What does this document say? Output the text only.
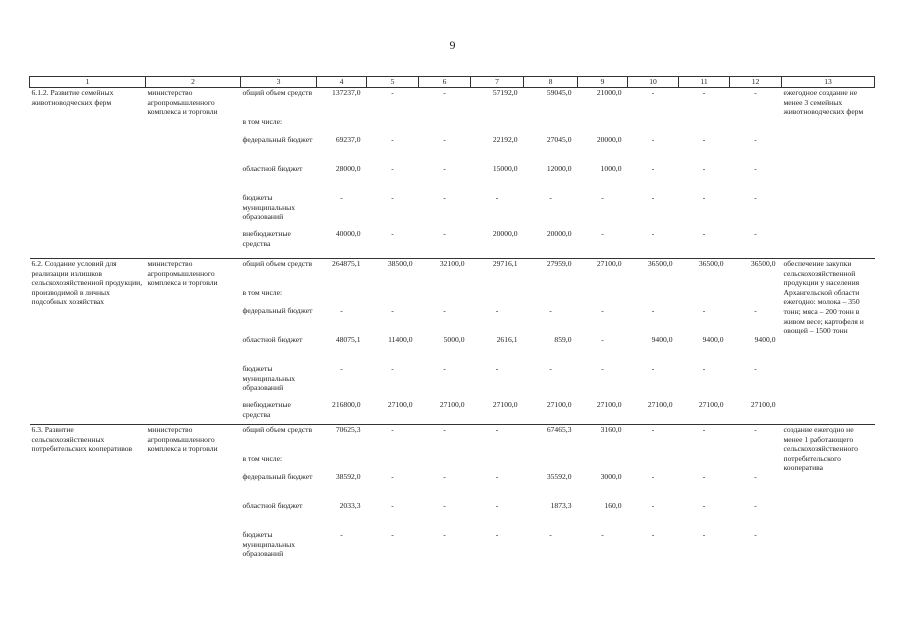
9
1	2	3	4	5	6	7	8	9	10	11	12	13
6.1.2. Развитие семейных животноводческих ферм	министерство агропромышленного комплекса и торговли	общий объем средств	137237,0	-	-	57192,0	59045,0	21000,0	-	-	-	ежегодное создание не менее 3 семейных животноводческих ферм
		в том числе:										
		федеральный бюджет	69237,0	-	-	22192,0	27045,0	20000,0	-	-	-	
		областной бюджет	28000,0	-	-	15000,0	12000,0	1000,0	-	-	-	
		бюджеты муниципальных образований	-	-	-	-	-	-	-	-	-	
		внебюджетные средства	40000,0	-	-	20000,0	20000,0	-	-	-	-	
6.2. Создание условий для реализации излишков сельскохозяйственной продукции, производимой в личных подсобных хозяйствах	министерство агропромышленного комплекса и торговли	общий объем средств	264875,1	38500,0	32100,0	29716,1	27959,0	27100,0	36500,0	36500,0	36500,0	обеспечение закупки сельскохозяйственной продукции у населения Архангельской области ежегодно: молока – 350 тонн; мяса – 200 тонн в живом весе; картофеля и овощей – 1500 тонн
		в том числе:										
		федеральный бюджет	-	-	-	-	-	-	-	-	-	
		областной бюджет	48075,1	11400,0	5000,0	2616,1	859,0	-	9400,0	9400,0	9400,0	
		бюджеты муниципальных образований	-	-	-	-	-	-	-	-	-	
		внебюджетные средства	216800,0	27100,0	27100,0	27100,0	27100,0	27100,0	27100,0	27100,0	27100,0	
6.3. Развитие сельскохозяйственных потребительских кооперативов	министерство агропромышленного комплекса и торговли	общий объем средств	70625,3	-	-	-	67465,3	3160,0	-	-	-	создание ежегодно не менее 1 работающего сельскохозяйственного потребительского кооператива
		в том числе:										
		федеральный бюджет	38592,0	-	-	-	35592,0	3000,0	-	-	-	
		областной бюджет	2033,3	-	-	-	1873,3	160,0	-	-	-	
		бюджеты муниципальных образований	-	-	-	-	-	-	-	-	-	
